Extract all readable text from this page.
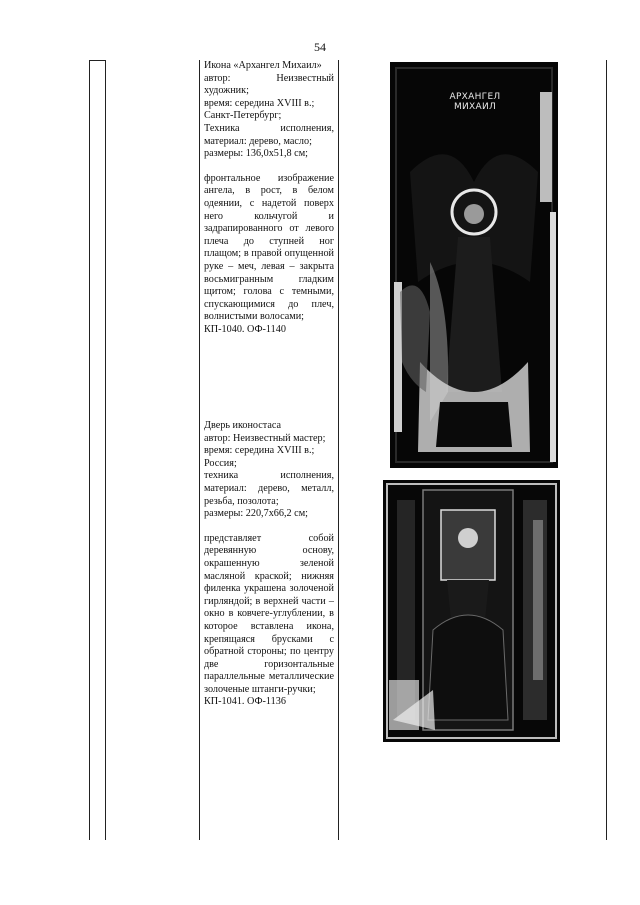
54

Икона «Архангел Михаил»

автор: Неизвестный художник;

время: середина XVIII в.;

Санкт-Петербург;

Техника исполнения, материал: дерево, масло;

размеры: 136,0x51,8 см;

фронтальное изображение ангела, в рост, в белом одеянии, с надетой поверх него кольчугой и задрапированного от левого плеча до ступней ног плащом; в правой опущенной руке – меч, левая – закрыта восьмигранным гладким щитом; голова с темными, спускающимися до плеч, волнистыми волосами;

КП-1040. ОФ-1140

Дверь иконостаса

автор: Неизвестный мастер;

время: середина XVIII в.;

Россия;

техника исполнения, материал: дерево, металл, резьба, позолота;

размеры: 220,7x66,2 см;

представляет собой деревянную основу, окрашенную зеленой масляной краской; нижняя филенка украшена золоченой гирляндой; в верхней части – окно в ковчеге-углублении, в которое вставлена икона, крепящаяся брусками с обратной стороны; по центру две горизонтальные параллельные металлические золоченые штанги-ручки;

КП-1041. ОФ-1136

АРХАНГЕЛ МИХАИЛ
